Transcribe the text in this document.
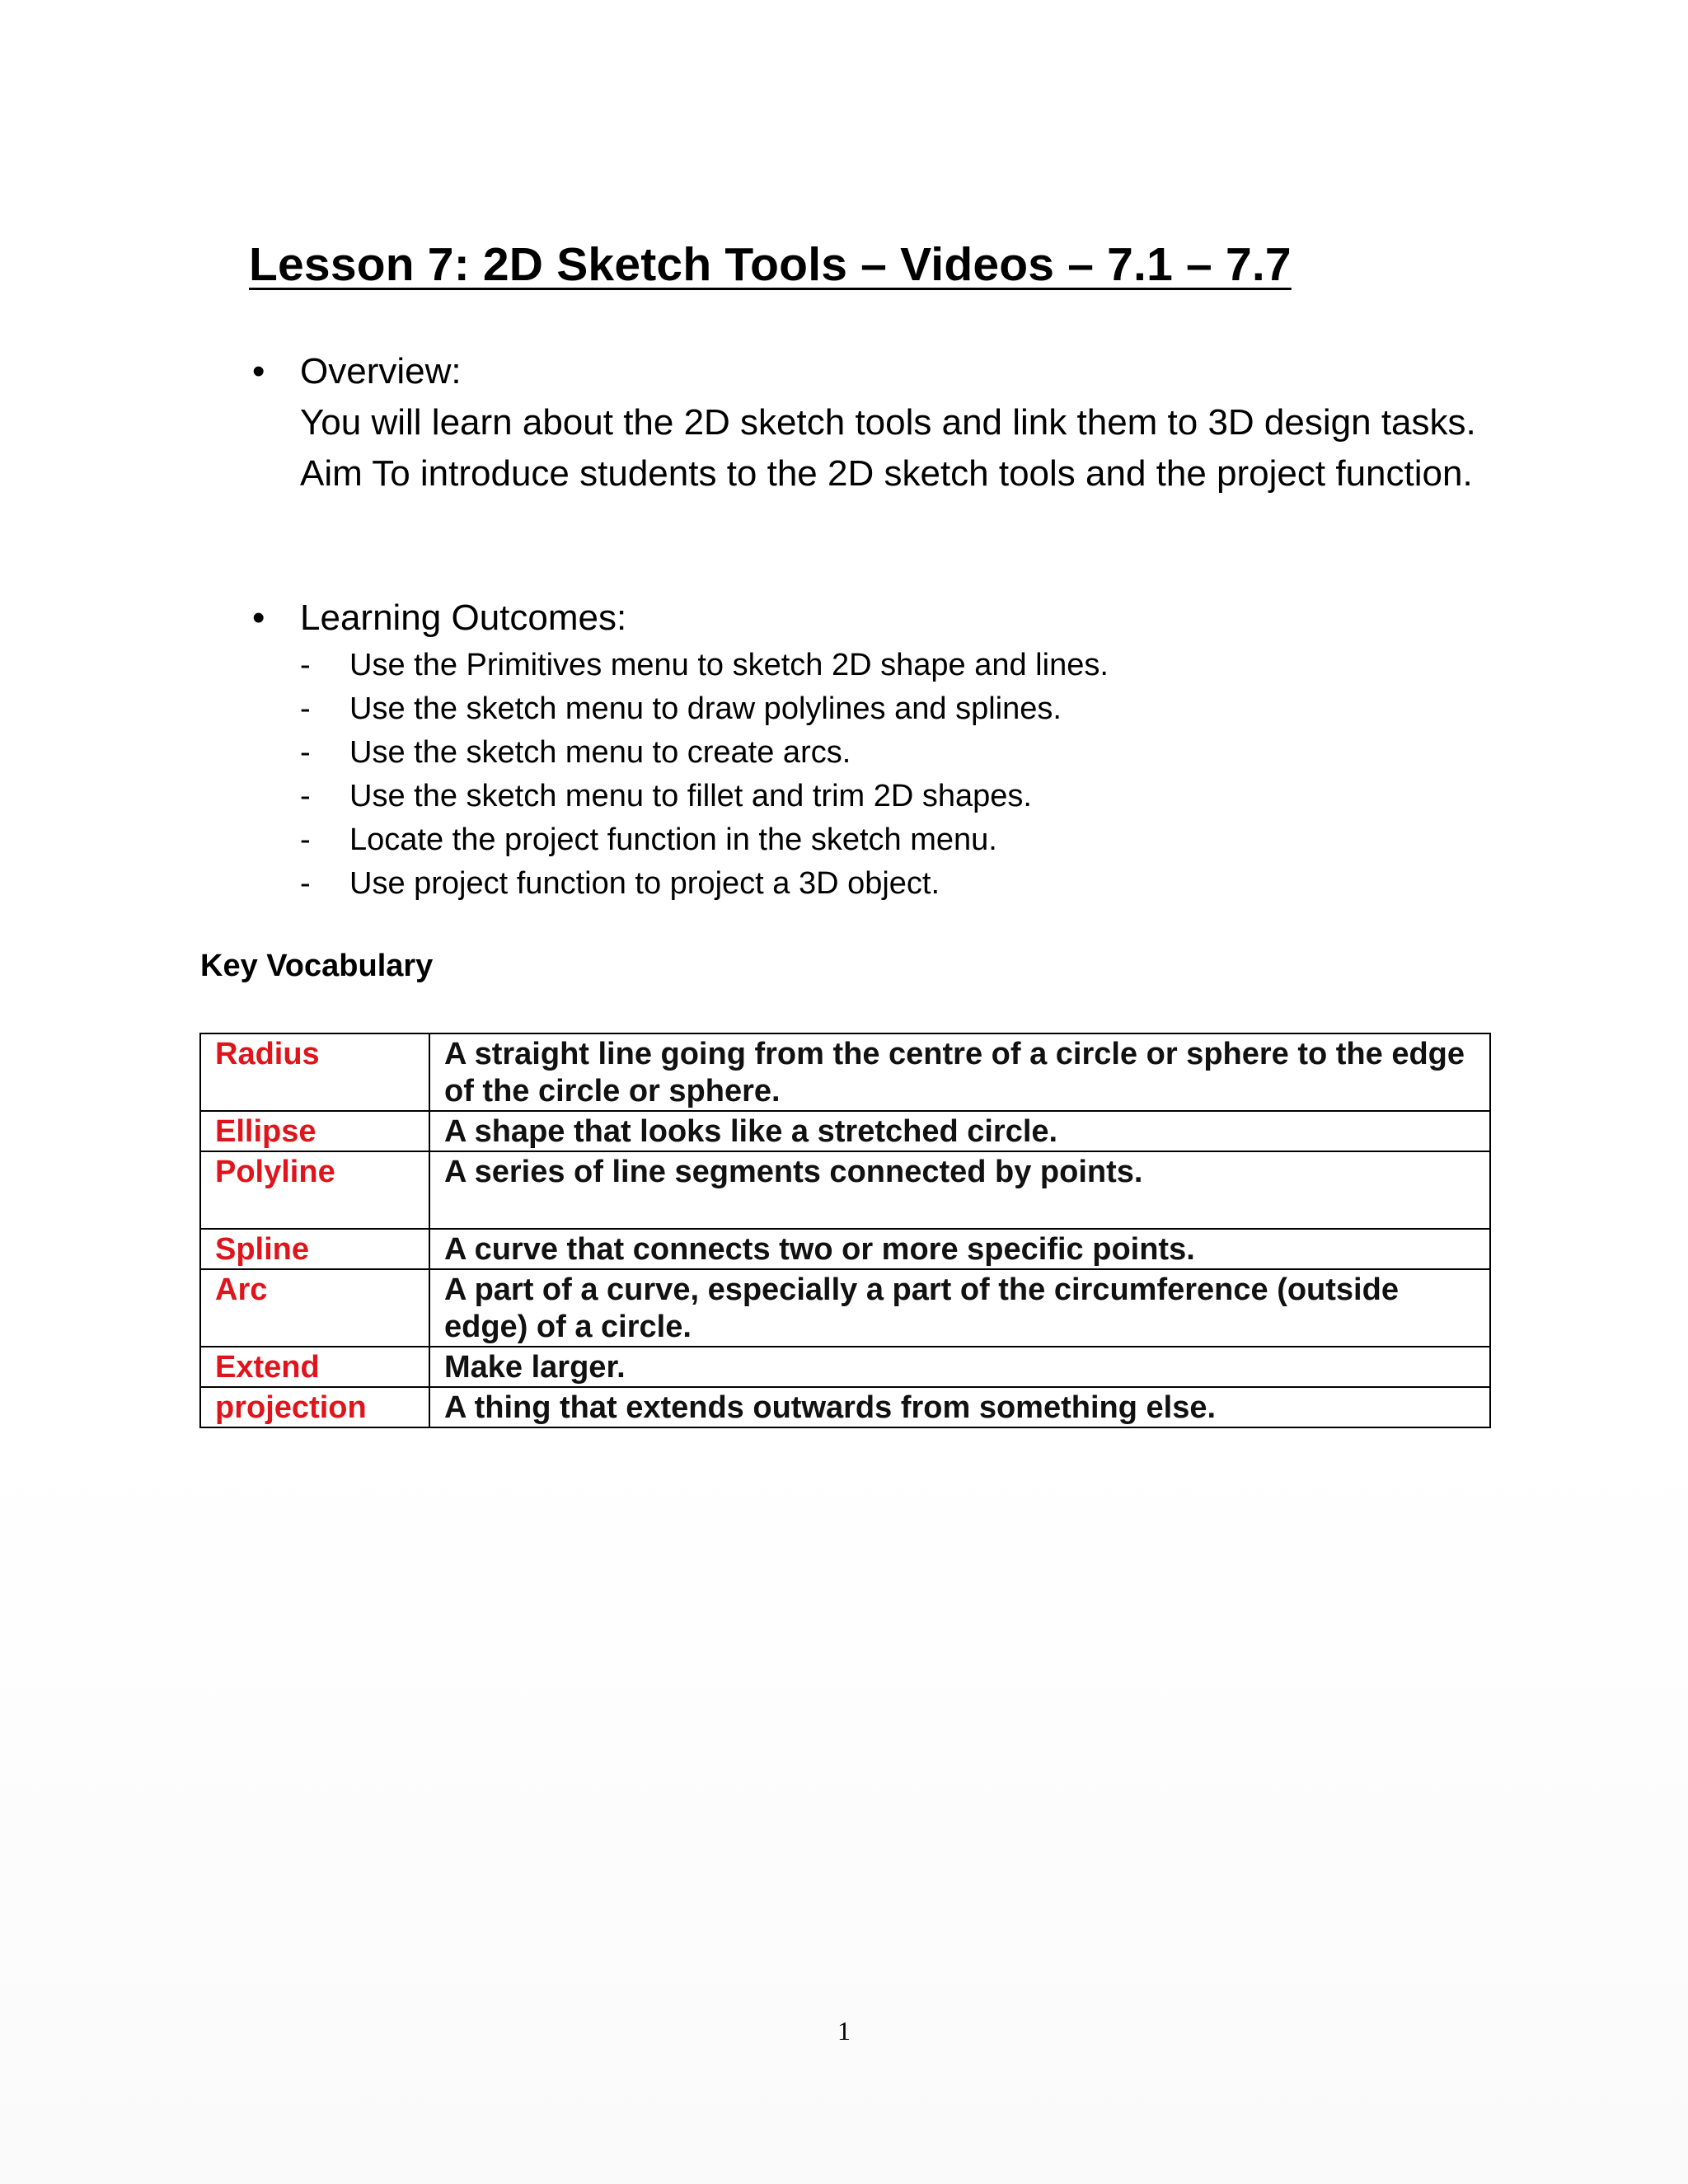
Lesson 7: 2D Sketch Tools – Videos – 7.1 – 7.7
• Overview:
You will learn about the 2D sketch tools and link them to 3D design tasks. Aim To introduce students to the 2D sketch tools and the project function.
• Learning Outcomes:
- Use the Primitives menu to sketch 2D shape and lines.
- Use the sketch menu to draw polylines and splines.
- Use the sketch menu to create arcs.
- Use the sketch menu to fillet and trim 2D shapes.
- Locate the project function in the sketch menu.
- Use project function to project a 3D object.
Key Vocabulary
Radius	A straight line going from the centre of a circle or sphere to the edge of the circle or sphere.
Ellipse	A shape that looks like a stretched circle.
Polyline	A series of line segments connected by points.
Spline	A curve that connects two or more specific points.
Arc	A part of a curve, especially a part of the circumference (outside edge) of a circle.
Extend	Make larger.
projection	A thing that extends outwards from something else.
1
